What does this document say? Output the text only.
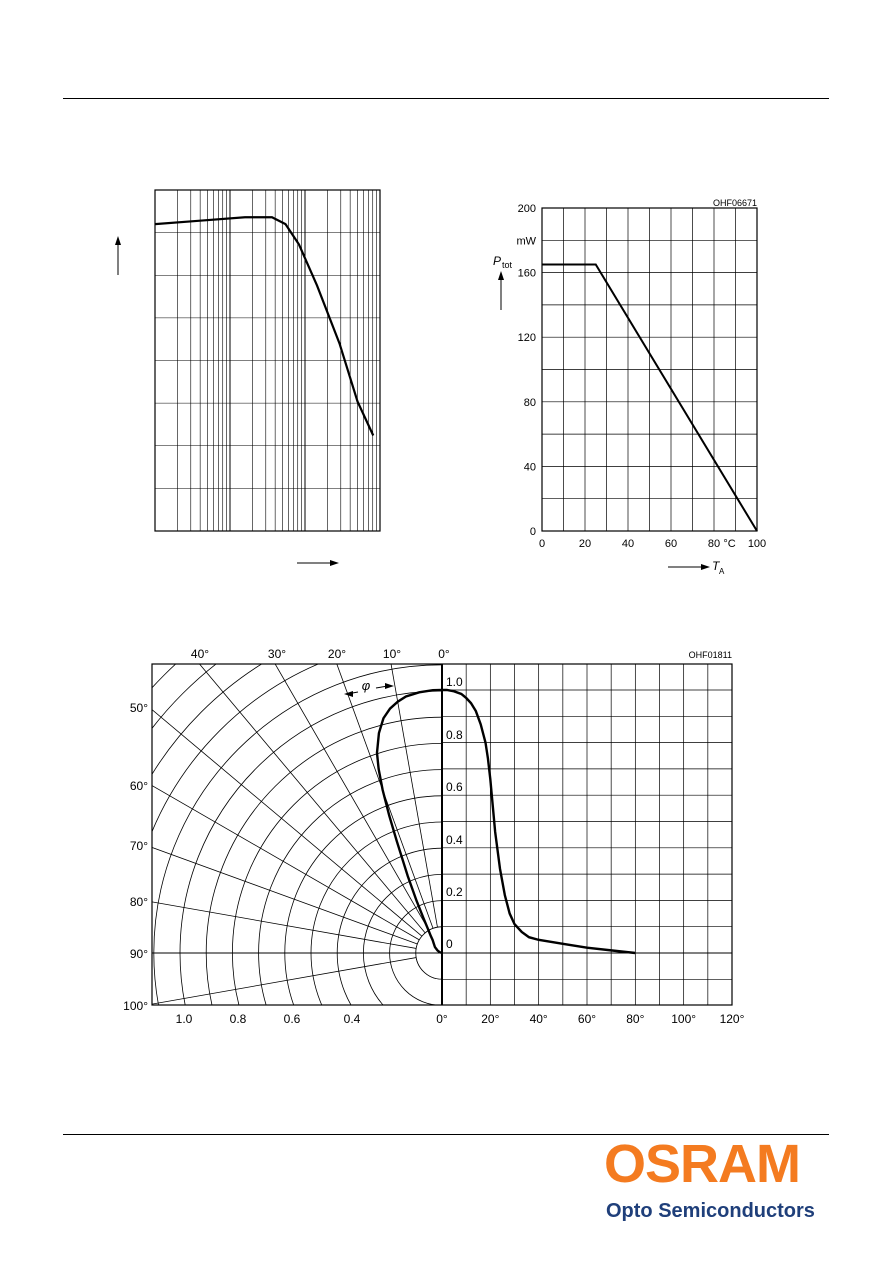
0
40
80
120
160
200
0	20	40	60	80	100
OHF06671
mW
°C
P tot
T A
OHF01811
40°	30°	20°	10°	0°
50°
60°
70°
80°
90°
100°
1.0	0.8	0.6	0.4	0°
1.0
0.8
0.6
0.4
0.2
0
20°	40°	60°	80° 100° 120°
φ
OSRAM
Opto Semiconductors
